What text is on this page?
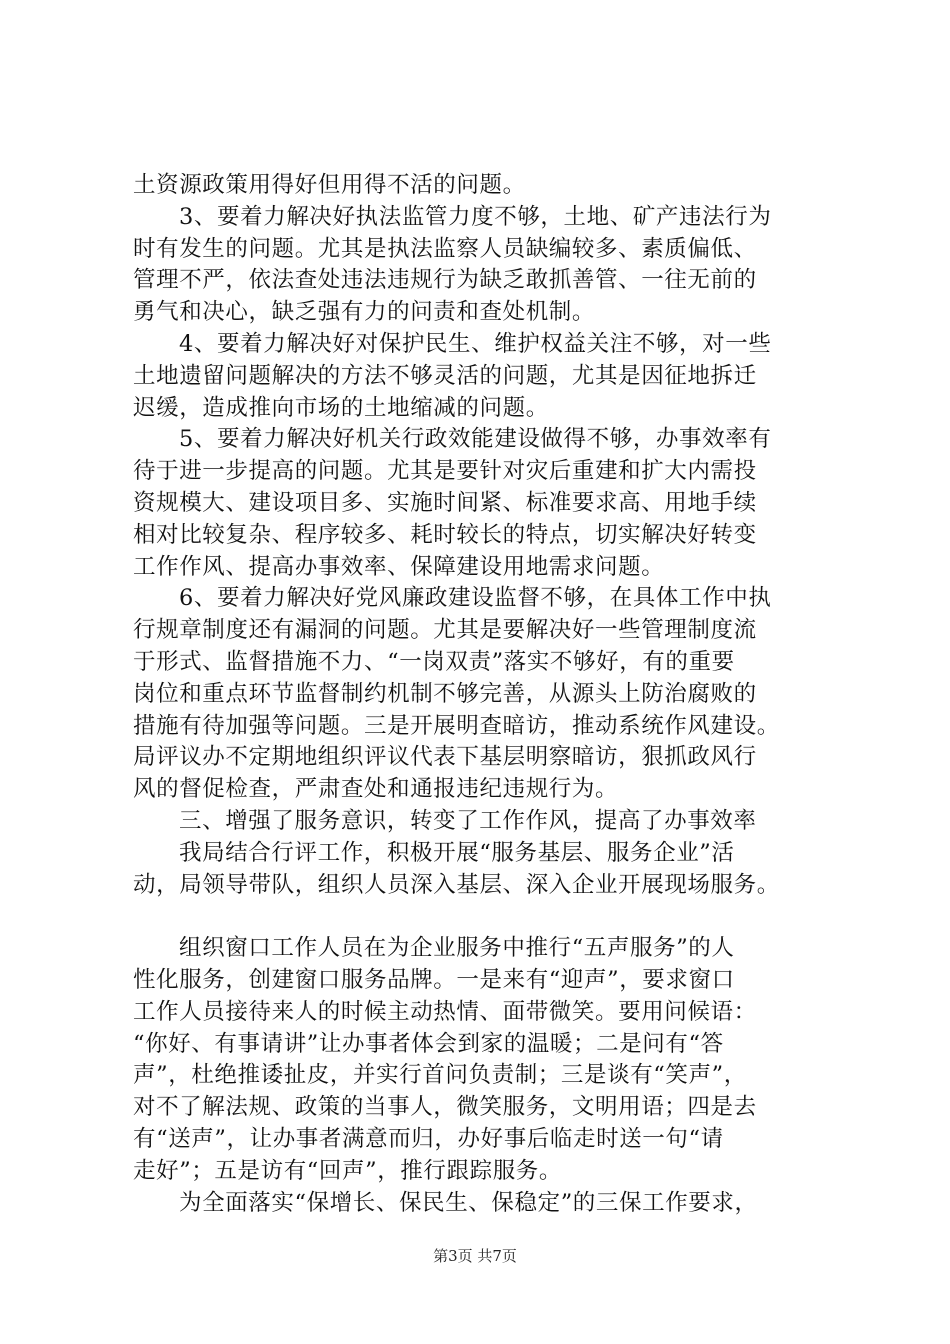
土资源政策用得好但用得不活的问题。
3、要着力解决好执法监管力度不够，土地、矿产违法行为
时有发生的问题。尤其是执法监察人员缺编较多、素质偏低、
管理不严，依法查处违法违规行为缺乏敢抓善管、一往无前的
勇气和决心，缺乏强有力的问责和查处机制。
4、要着力解决好对保护民生、维护权益关注不够，对一些
土地遗留问题解决的方法不够灵活的问题，尤其是因征地拆迁
迟缓，造成推向市场的土地缩减的问题。
5、要着力解决好机关行政效能建设做得不够，办事效率有
待于进一步提高的问题。尤其是要针对灾后重建和扩大内需投
资规模大、建设项目多、实施时间紧、标准要求高、用地手续
相对比较复杂、程序较多、耗时较长的特点，切实解决好转变
工作作风、提高办事效率、保障建设用地需求问题。
6、要着力解决好党风廉政建设监督不够，在具体工作中执
行规章制度还有漏洞的问题。尤其是要解决好一些管理制度流
于形式、监督措施不力、“一岗双责”落实不够好，有的重要
岗位和重点环节监督制约机制不够完善，从源头上防治腐败的
措施有待加强等问题。三是开展明查暗访，推动系统作风建设。
局评议办不定期地组织评议代表下基层明察暗访，狠抓政风行
风的督促检查，严肃查处和通报违纪违规行为。
三、增强了服务意识，转变了工作作风，提高了办事效率
我局结合行评工作，积极开展“服务基层、服务企业”活
动，局领导带队，组织人员深入基层、深入企业开展现场服务。
组织窗口工作人员在为企业服务中推行“五声服务”的人
性化服务，创建窗口服务品牌。一是来有“迎声”，要求窗口
工作人员接待来人的时候主动热情、面带微笑。要用问候语：
“你好、有事请讲”让办事者体会到家的温暖；二是问有“答
声”，杜绝推诿扯皮，并实行首问负责制；三是谈有“笑声”，
对不了解法规、政策的当事人，微笑服务，文明用语；四是去
有“送声”，让办事者满意而归，办好事后临走时送一句“请
走好”；五是访有“回声”，推行跟踪服务。
为全面落实“保增长、保民生、保稳定”的三保工作要求，
第3页 共7页
